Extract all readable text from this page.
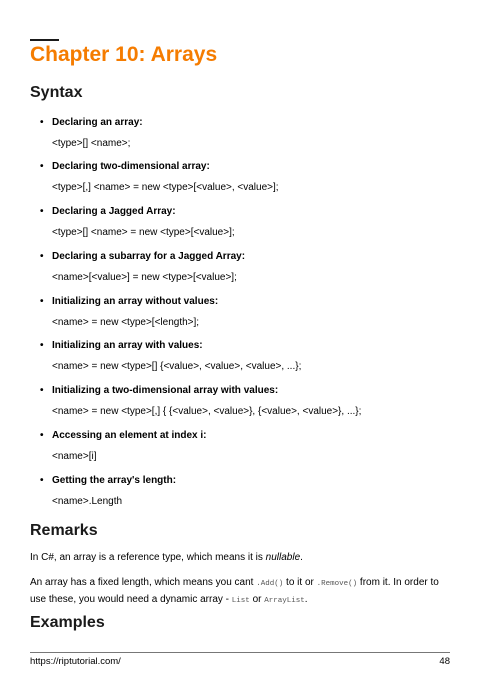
Chapter 10: Arrays
Syntax
• Declaring an array:
<type>[] <name>;
• Declaring two-dimensional array:
<type>[,] <name> = new <type>[<value>, <value>];
• Declaring a Jagged Array:
<type>[] <name> = new <type>[<value>];
• Declaring a subarray for a Jagged Array:
<name>[<value>] = new <type>[<value>];
• Initializing an array without values:
<name> = new <type>[<length>];
• Initializing an array with values:
<name> = new <type>[] {<value>, <value>, <value>, ...};
• Initializing a two-dimensional array with values:
<name> = new <type>[,] { {<value>, <value>}, {<value>, <value>}, ...};
• Accessing an element at index i:
<name>[i]
• Getting the array's length:
<name>.Length
Remarks

In C#, an array is a reference type, which means it is nullable.

An array has a fixed length, which means you cant .Add() to it or .Remove() from it. In order to use these, you would need a dynamic array - List or ArrayList.

Examples
https://riptutorial.com/	48
